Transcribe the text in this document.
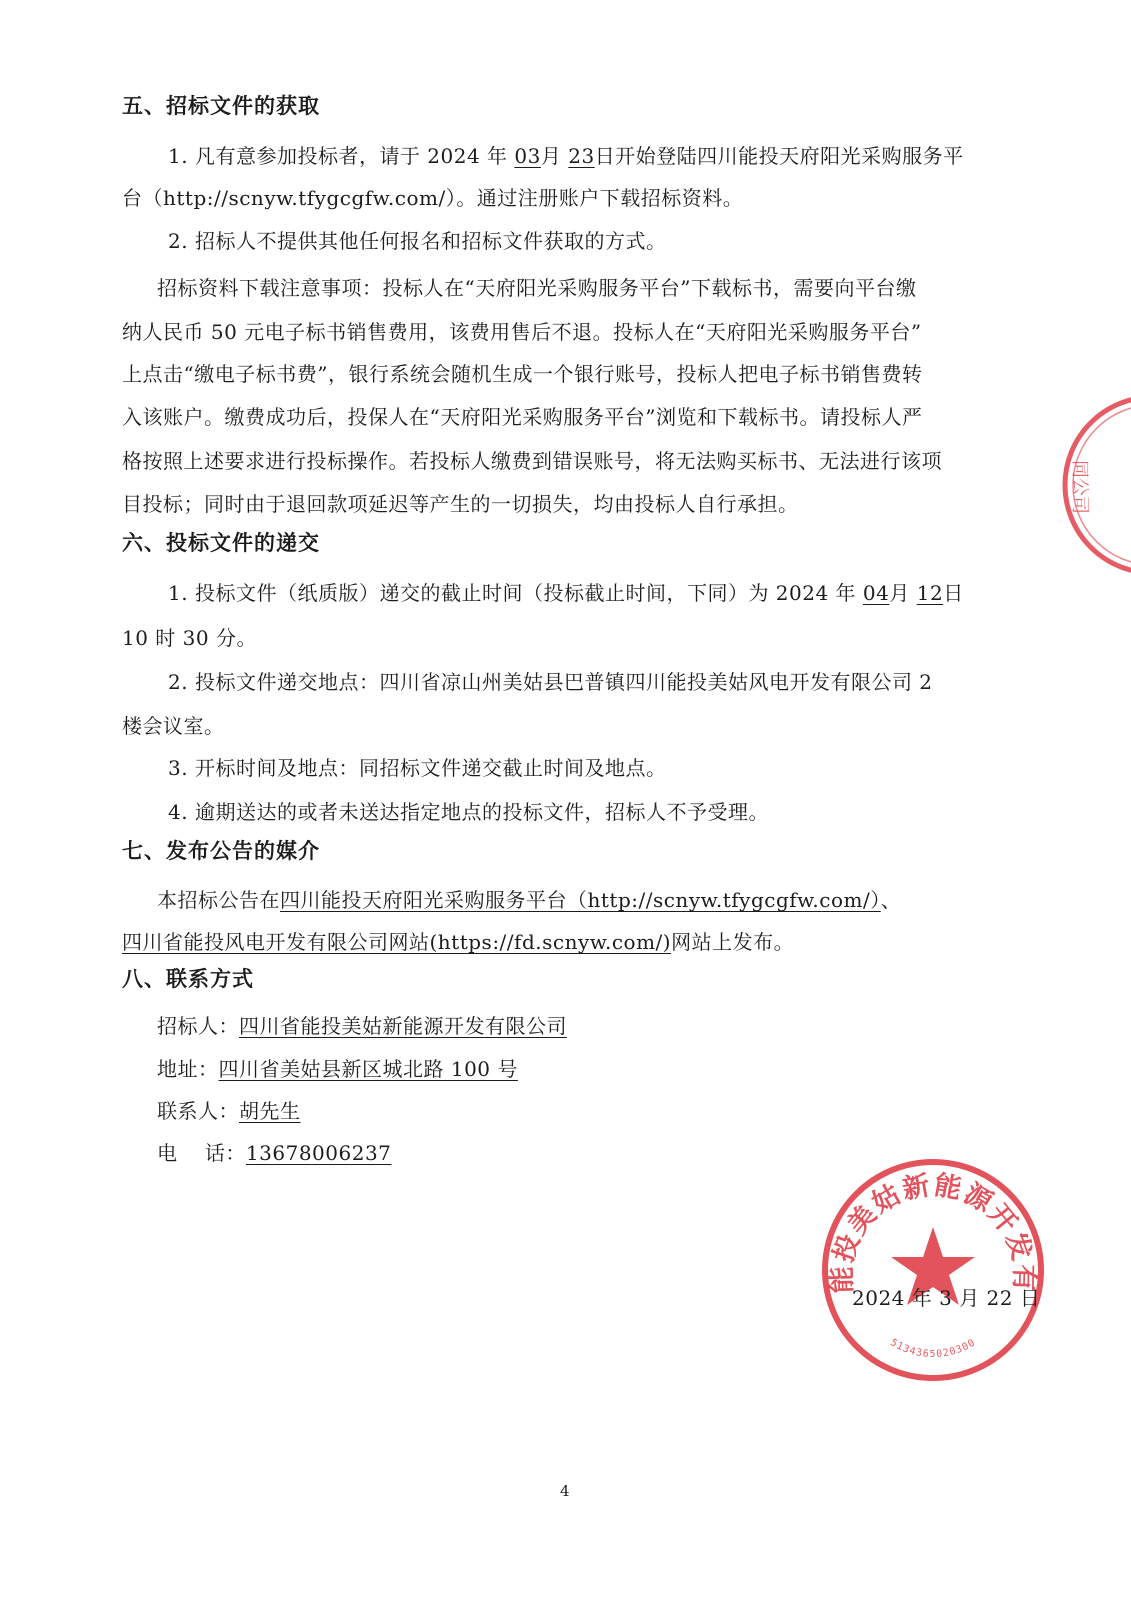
五、招标文件的获取
1. 凡有意参加投标者，请于 2024 年 03月 23日开始登陆四川能投天府阳光采购服务平
台（http://scnyw.tfygcgfw.com/）。通过注册账户下载招标资料。
2. 招标人不提供其他任何报名和招标文件获取的方式。
招标资料下载注意事项：投标人在“天府阳光采购服务平台”下载标书，需要向平台缴
纳人民币 50 元电子标书销售费用，该费用售后不退。投标人在“天府阳光采购服务平台”
上点击“缴电子标书费”，银行系统会随机生成一个银行账号，投标人把电子标书销售费转
入该账户。缴费成功后，投保人在“天府阳光采购服务平台”浏览和下载标书。请投标人严
格按照上述要求进行投标操作。若投标人缴费到错误账号，将无法购买标书、无法进行该项
目投标；同时由于退回款项延迟等产生的一切损失，均由投标人自行承担。
六、投标文件的递交
1. 投标文件（纸质版）递交的截止时间（投标截止时间，下同）为 2024 年 04月 12日
10 时 30 分。
2. 投标文件递交地点：四川省凉山州美姑县巴普镇四川能投美姑风电开发有限公司 2
楼会议室。
3. 开标时间及地点：同招标文件递交截止时间及地点。
4. 逾期送达的或者未送达指定地点的投标文件，招标人不予受理。
七、发布公告的媒介
本招标公告在四川能投天府阳光采购服务平台（http://scnyw.tfygcgfw.com/）、
四川省能投风电开发有限公司网站(https://fd.scnyw.com/)网站上发布。
八、联系方式
招标人：四川省能投美姑新能源开发有限公司
地址：四川省美姑县新区城北路 100 号
联系人：胡先生
电    话：13678006237
同公司
能投美姑新能源开发有
5134365020300
2024 年 3 月 22 日
4
